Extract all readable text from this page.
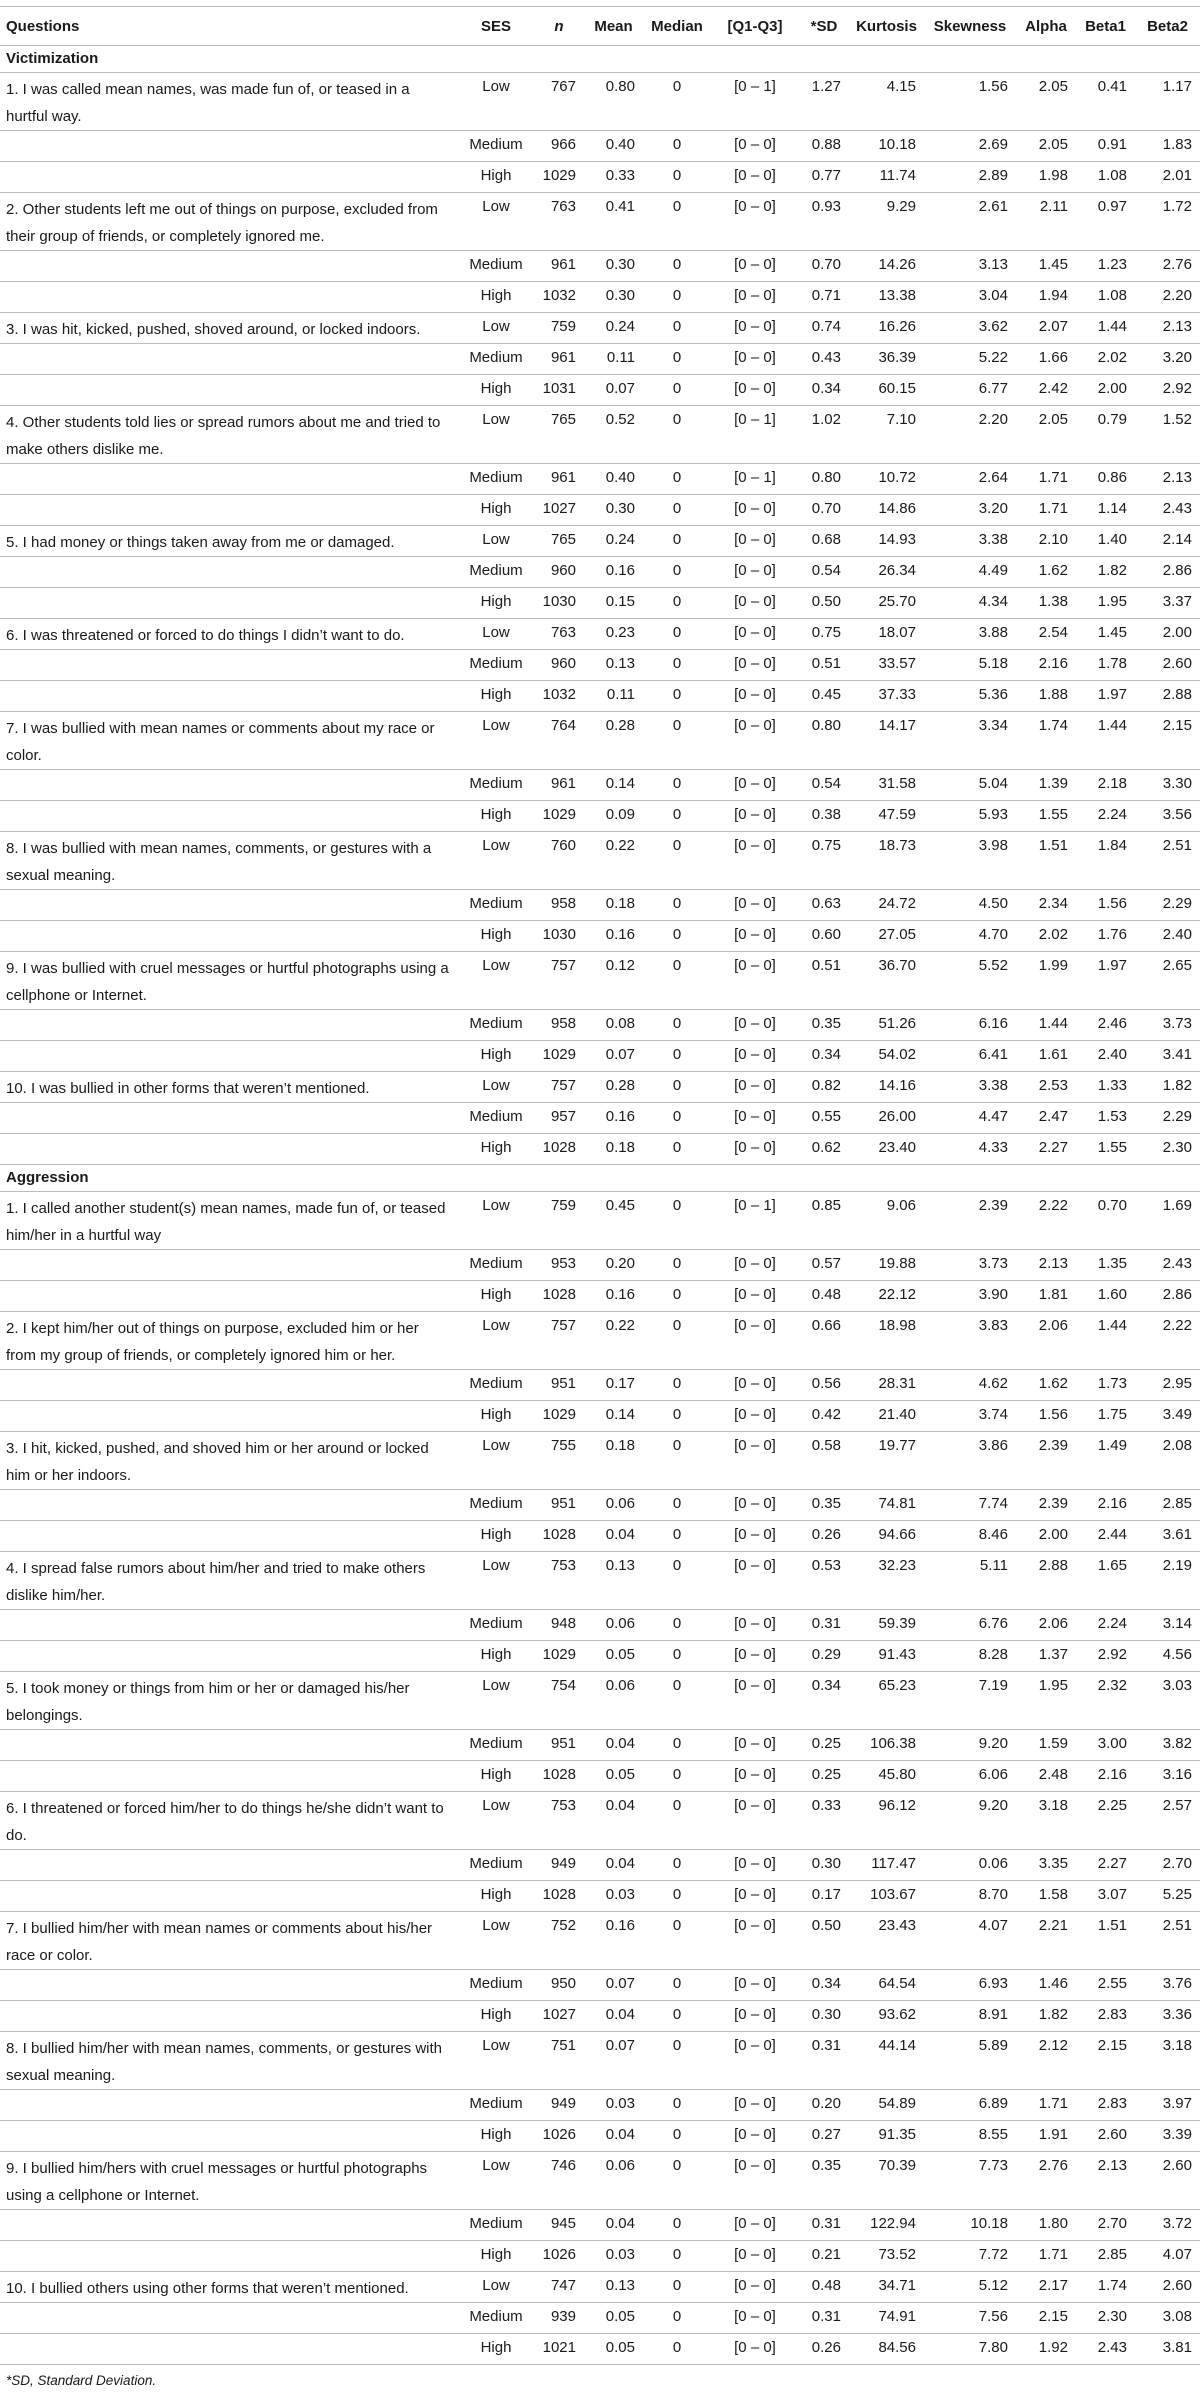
Questions	SES	n	Mean	Median	[Q1-Q3]	*SD	Kurtosis	Skewness	Alpha	Beta1	Beta2
Victimization											
1. I was called mean names, was made fun of, or teased in a hurtful way.	Low	767	0.80	0	[0 – 1]	1.27	4.15	1.56	2.05	0.41	1.17
	Medium	966	0.40	0	[0 – 0]	0.88	10.18	2.69	2.05	0.91	1.83
	High	1029	0.33	0	[0 – 0]	0.77	11.74	2.89	1.98	1.08	2.01
2. Other students left me out of things on purpose, excluded from their group of friends, or completely ignored me.	Low	763	0.41	0	[0 – 0]	0.93	9.29	2.61	2.11	0.97	1.72
	Medium	961	0.30	0	[0 – 0]	0.70	14.26	3.13	1.45	1.23	2.76
	High	1032	0.30	0	[0 – 0]	0.71	13.38	3.04	1.94	1.08	2.20
3. I was hit, kicked, pushed, shoved around, or locked indoors.	Low	759	0.24	0	[0 – 0]	0.74	16.26	3.62	2.07	1.44	2.13
	Medium	961	0.11	0	[0 – 0]	0.43	36.39	5.22	1.66	2.02	3.20
	High	1031	0.07	0	[0 – 0]	0.34	60.15	6.77	2.42	2.00	2.92
4. Other students told lies or spread rumors about me and tried to make others dislike me.	Low	765	0.52	0	[0 – 1]	1.02	7.10	2.20	2.05	0.79	1.52
	Medium	961	0.40	0	[0 – 1]	0.80	10.72	2.64	1.71	0.86	2.13
	High	1027	0.30	0	[0 – 0]	0.70	14.86	3.20	1.71	1.14	2.43
5. I had money or things taken away from me or damaged.	Low	765	0.24	0	[0 – 0]	0.68	14.93	3.38	2.10	1.40	2.14
	Medium	960	0.16	0	[0 – 0]	0.54	26.34	4.49	1.62	1.82	2.86
	High	1030	0.15	0	[0 – 0]	0.50	25.70	4.34	1.38	1.95	3.37
6. I was threatened or forced to do things I didn’t want to do.	Low	763	0.23	0	[0 – 0]	0.75	18.07	3.88	2.54	1.45	2.00
	Medium	960	0.13	0	[0 – 0]	0.51	33.57	5.18	2.16	1.78	2.60
	High	1032	0.11	0	[0 – 0]	0.45	37.33	5.36	1.88	1.97	2.88
7. I was bullied with mean names or comments about my race or color.	Low	764	0.28	0	[0 – 0]	0.80	14.17	3.34	1.74	1.44	2.15
	Medium	961	0.14	0	[0 – 0]	0.54	31.58	5.04	1.39	2.18	3.30
	High	1029	0.09	0	[0 – 0]	0.38	47.59	5.93	1.55	2.24	3.56
8. I was bullied with mean names, comments, or gestures with a sexual meaning.	Low	760	0.22	0	[0 – 0]	0.75	18.73	3.98	1.51	1.84	2.51
	Medium	958	0.18	0	[0 – 0]	0.63	24.72	4.50	2.34	1.56	2.29
	High	1030	0.16	0	[0 – 0]	0.60	27.05	4.70	2.02	1.76	2.40
9. I was bullied with cruel messages or hurtful photographs using a cellphone or Internet.	Low	757	0.12	0	[0 – 0]	0.51	36.70	5.52	1.99	1.97	2.65
	Medium	958	0.08	0	[0 – 0]	0.35	51.26	6.16	1.44	2.46	3.73
	High	1029	0.07	0	[0 – 0]	0.34	54.02	6.41	1.61	2.40	3.41
10. I was bullied in other forms that weren’t mentioned.	Low	757	0.28	0	[0 – 0]	0.82	14.16	3.38	2.53	1.33	1.82
	Medium	957	0.16	0	[0 – 0]	0.55	26.00	4.47	2.47	1.53	2.29
	High	1028	0.18	0	[0 – 0]	0.62	23.40	4.33	2.27	1.55	2.30
Aggression											
1. I called another student(s) mean names, made fun of, or teased him/her in a hurtful way	Low	759	0.45	0	[0 – 1]	0.85	9.06	2.39	2.22	0.70	1.69
	Medium	953	0.20	0	[0 – 0]	0.57	19.88	3.73	2.13	1.35	2.43
	High	1028	0.16	0	[0 – 0]	0.48	22.12	3.90	1.81	1.60	2.86
2. I kept him/her out of things on purpose, excluded him or her from my group of friends, or completely ignored him or her.	Low	757	0.22	0	[0 – 0]	0.66	18.98	3.83	2.06	1.44	2.22
	Medium	951	0.17	0	[0 – 0]	0.56	28.31	4.62	1.62	1.73	2.95
	High	1029	0.14	0	[0 – 0]	0.42	21.40	3.74	1.56	1.75	3.49
3. I hit, kicked, pushed, and shoved him or her around or locked him or her indoors.	Low	755	0.18	0	[0 – 0]	0.58	19.77	3.86	2.39	1.49	2.08
	Medium	951	0.06	0	[0 – 0]	0.35	74.81	7.74	2.39	2.16	2.85
	High	1028	0.04	0	[0 – 0]	0.26	94.66	8.46	2.00	2.44	3.61
4. I spread false rumors about him/her and tried to make others dislike him/her.	Low	753	0.13	0	[0 – 0]	0.53	32.23	5.11	2.88	1.65	2.19
	Medium	948	0.06	0	[0 – 0]	0.31	59.39	6.76	2.06	2.24	3.14
	High	1029	0.05	0	[0 – 0]	0.29	91.43	8.28	1.37	2.92	4.56
5. I took money or things from him or her or damaged his/her belongings.	Low	754	0.06	0	[0 – 0]	0.34	65.23	7.19	1.95	2.32	3.03
	Medium	951	0.04	0	[0 – 0]	0.25	106.38	9.20	1.59	3.00	3.82
	High	1028	0.05	0	[0 – 0]	0.25	45.80	6.06	2.48	2.16	3.16
6. I threatened or forced him/her to do things he/she didn’t want to do.	Low	753	0.04	0	[0 – 0]	0.33	96.12	9.20	3.18	2.25	2.57
	Medium	949	0.04	0	[0 – 0]	0.30	117.47	0.06	3.35	2.27	2.70
	High	1028	0.03	0	[0 – 0]	0.17	103.67	8.70	1.58	3.07	5.25
7. I bullied him/her with mean names or comments about his/her race or color.	Low	752	0.16	0	[0 – 0]	0.50	23.43	4.07	2.21	1.51	2.51
	Medium	950	0.07	0	[0 – 0]	0.34	64.54	6.93	1.46	2.55	3.76
	High	1027	0.04	0	[0 – 0]	0.30	93.62	8.91	1.82	2.83	3.36
8. I bullied him/her with mean names, comments, or gestures with sexual meaning.	Low	751	0.07	0	[0 – 0]	0.31	44.14	5.89	2.12	2.15	3.18
	Medium	949	0.03	0	[0 – 0]	0.20	54.89	6.89	1.71	2.83	3.97
	High	1026	0.04	0	[0 – 0]	0.27	91.35	8.55	1.91	2.60	3.39
9. I bullied him/hers with cruel messages or hurtful photographs using a cellphone or Internet.	Low	746	0.06	0	[0 – 0]	0.35	70.39	7.73	2.76	2.13	2.60
	Medium	945	0.04	0	[0 – 0]	0.31	122.94	10.18	1.80	2.70	3.72
	High	1026	0.03	0	[0 – 0]	0.21	73.52	7.72	1.71	2.85	4.07
10. I bullied others using other forms that weren’t mentioned.	Low	747	0.13	0	[0 – 0]	0.48	34.71	5.12	2.17	1.74	2.60
	Medium	939	0.05	0	[0 – 0]	0.31	74.91	7.56	2.15	2.30	3.08
	High	1021	0.05	0	[0 – 0]	0.26	84.56	7.80	1.92	2.43	3.81
*SD, Standard Deviation.
